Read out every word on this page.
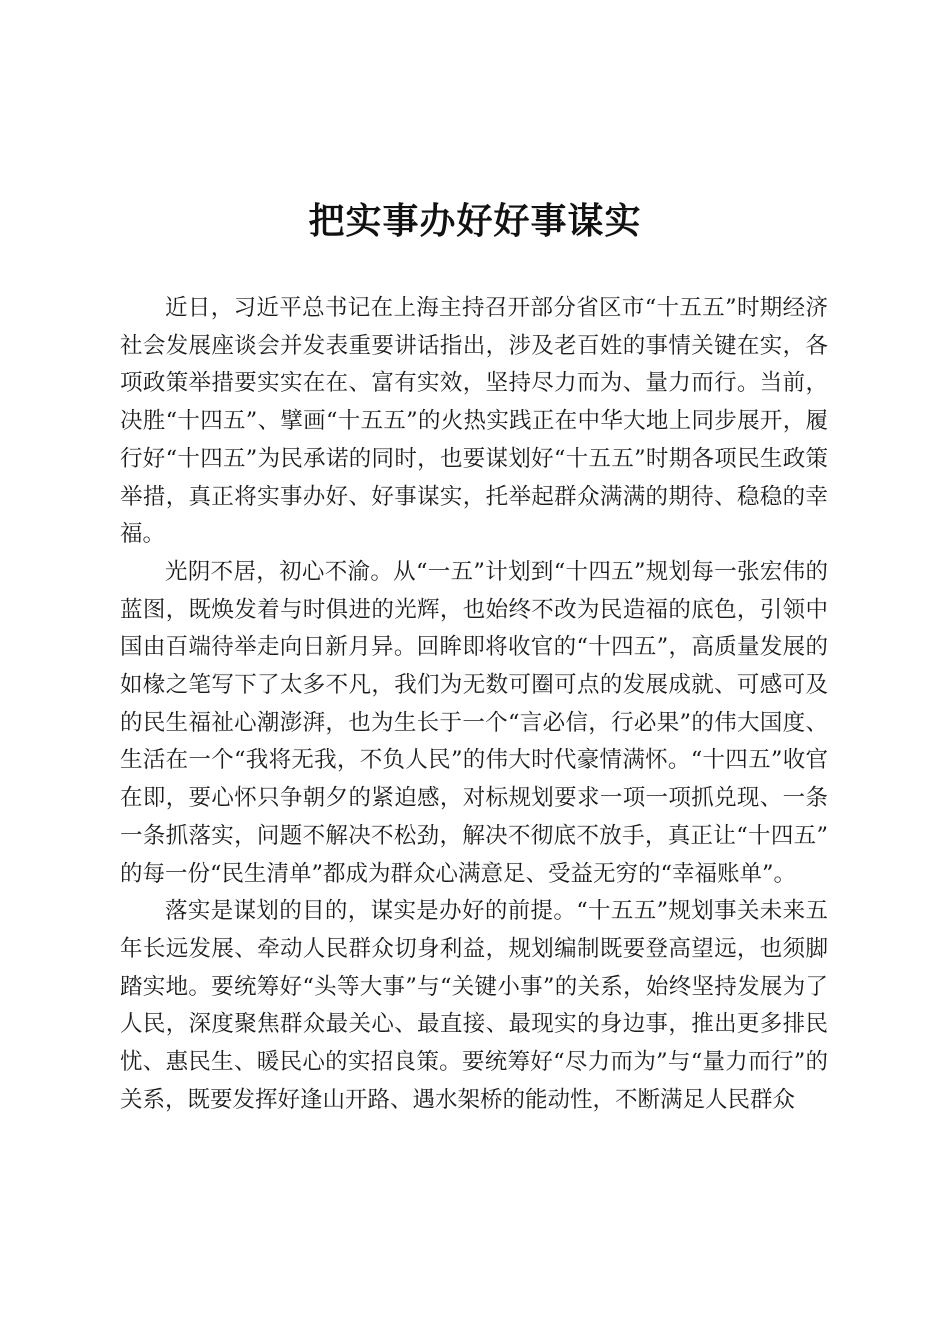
把实事办好好事谋实

近日，习近平总书记在上海主持召开部分省区市“十五五”时期经济社会发展座谈会并发表重要讲话指出，涉及老百姓的事情关键在实，各项政策举措要实实在在、富有实效，坚持尽力而为、量力而行。当前，决胜“十四五”、擘画“十五五”的火热实践正在中华大地上同步展开，履行好“十四五”为民承诺的同时，也要谋划好“十五五”时期各项民生政策举措，真正将实事办好、好事谋实，托举起群众满满的期待、稳稳的幸福。

光阴不居，初心不渝。从“一五”计划到“十四五”规划每一张宏伟的蓝图，既焕发着与时俱进的光辉，也始终不改为民造福的底色，引领中国由百端待举走向日新月异。回眸即将收官的“十四五”，高质量发展的如椽之笔写下了太多不凡，我们为无数可圈可点的发展成就、可感可及的民生福祉心潮澎湃，也为生长于一个“言必信，行必果”的伟大国度、生活在一个“我将无我，不负人民”的伟大时代豪情满怀。“十四五”收官在即，要心怀只争朝夕的紧迫感，对标规划要求一项一项抓兑现、一条一条抓落实，问题不解决不松劲，解决不彻底不放手，真正让“十四五”的每一份“民生清单”都成为群众心满意足、受益无穷的“幸福账单”。

落实是谋划的目的，谋实是办好的前提。“十五五”规划事关未来五年长远发展、牵动人民群众切身利益，规划编制既要登高望远，也须脚踏实地。要统筹好“头等大事”与“关键小事”的关系，始终坚持发展为了人民，深度聚焦群众最关心、最直接、最现实的身边事，推出更多排民忧、惠民生、暖民心的实招良策。要统筹好“尽力而为”与“量力而行”的关系，既要发挥好逢山开路、遇水架桥的能动性，不断满足人民群众
